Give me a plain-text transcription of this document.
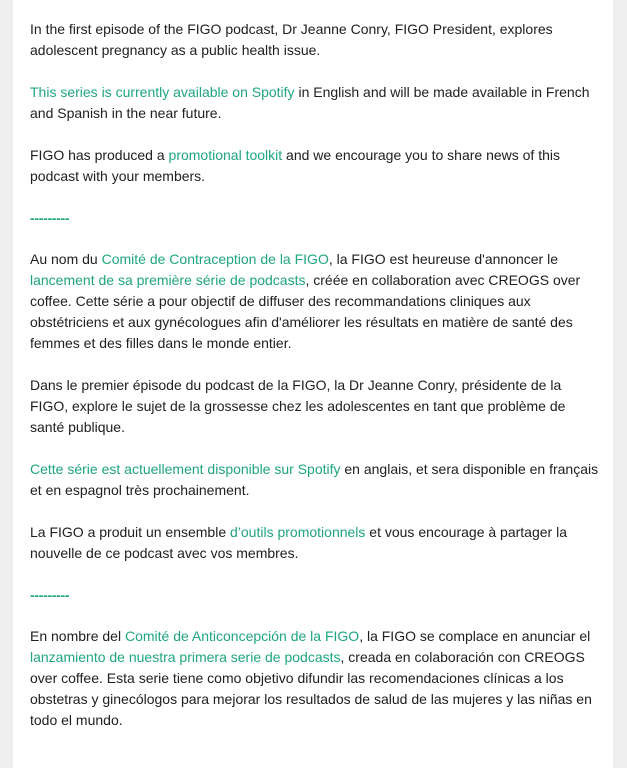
In the first episode of the FIGO podcast, Dr Jeanne Conry, FIGO President, explores adolescent pregnancy as a public health issue.

This series is currently available on Spotify in English and will be made available in French and Spanish in the near future.

FIGO has produced a promotional toolkit and we encourage you to share news of this podcast with your members.

---------

Au nom du Comité de Contraception de la FIGO, la FIGO est heureuse d'annoncer le lancement de sa première série de podcasts, créée en collaboration avec CREOGS over coffee. Cette série a pour objectif de diffuser des recommandations cliniques aux obstétriciens et aux gynécologues afin d'améliorer les résultats en matière de santé des femmes et des filles dans le monde entier.

Dans le premier épisode du podcast de la FIGO, la Dr Jeanne Conry, présidente de la FIGO, explore le sujet de la grossesse chez les adolescentes en tant que problème de santé publique.

Cette série est actuellement disponible sur Spotify en anglais, et sera disponible en français et en espagnol très prochainement.

La FIGO a produit un ensemble d’outils promotionnels et vous encourage à partager la nouvelle de ce podcast avec vos membres.

---------

En nombre del Comité de Anticoncepción de la FIGO, la FIGO se complace en anunciar el lanzamiento de nuestra primera serie de podcasts, creada en colaboración con CREOGS over coffee. Esta serie tiene como objetivo difundir las recomendaciones clínicas a los obstetras y ginecólogos para mejorar los resultados de salud de las mujeres y las niñas en todo el mundo.
